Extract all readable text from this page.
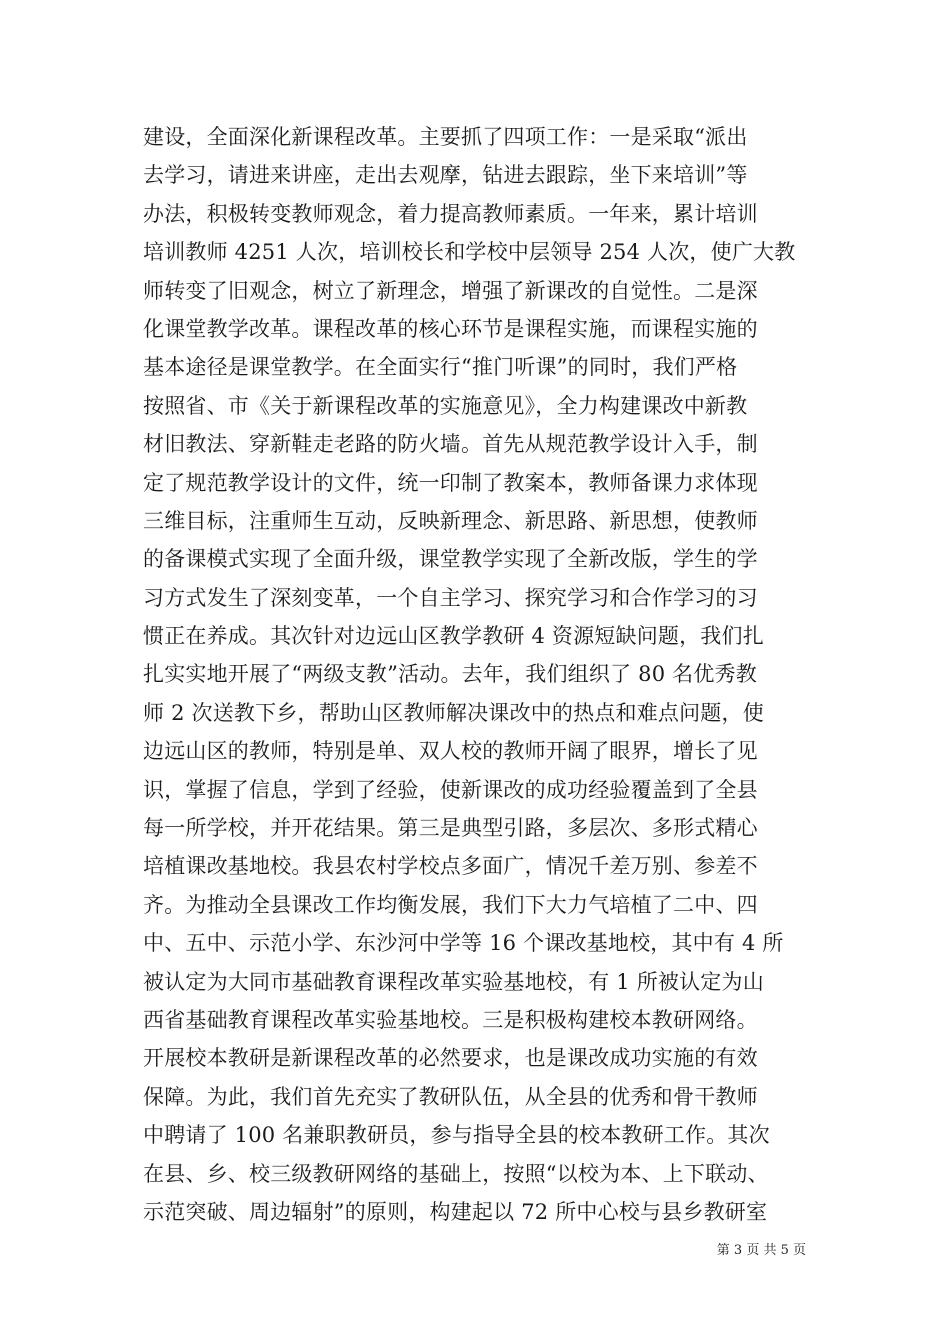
建设，全面深化新课程改革。主要抓了四项工作：一是采取“派出
去学习，请进来讲座，走出去观摩，钻进去跟踪，坐下来培训”等
办法，积极转变教师观念，着力提高教师素质。一年来，累计培训
培训教师 4251 人次，培训校长和学校中层领导 254 人次，使广大教
师转变了旧观念，树立了新理念，增强了新课改的自觉性。二是深
化课堂教学改革。课程改革的核心环节是课程实施，而课程实施的
基本途径是课堂教学。在全面实行“推门听课”的同时，我们严格
按照省、市《关于新课程改革的实施意见》，全力构建课改中新教
材旧教法、穿新鞋走老路的防火墙。首先从规范教学设计入手，制
定了规范教学设计的文件，统一印制了教案本，教师备课力求体现
三维目标，注重师生互动，反映新理念、新思路、新思想，使教师
的备课模式实现了全面升级，课堂教学实现了全新改版，学生的学
习方式发生了深刻变革，一个自主学习、探究学习和合作学习的习
惯正在养成。其次针对边远山区教学教研 4 资源短缺问题，我们扎
扎实实地开展了“两级支教”活动。去年，我们组织了 80 名优秀教
师 2 次送教下乡，帮助山区教师解决课改中的热点和难点问题，使
边远山区的教师，特别是单、双人校的教师开阔了眼界，增长了见
识，掌握了信息，学到了经验，使新课改的成功经验覆盖到了全县
每一所学校，并开花结果。第三是典型引路，多层次、多形式精心
培植课改基地校。我县农村学校点多面广，情况千差万别、参差不
齐。为推动全县课改工作均衡发展，我们下大力气培植了二中、四
中、五中、示范小学、东沙河中学等 16 个课改基地校，其中有 4 所
被认定为大同市基础教育课程改革实验基地校，有 1 所被认定为山
西省基础教育课程改革实验基地校。三是积极构建校本教研网络。
开展校本教研是新课程改革的必然要求，也是课改成功实施的有效
保障。为此，我们首先充实了教研队伍，从全县的优秀和骨干教师
中聘请了 100 名兼职教研员，参与指导全县的校本教研工作。其次
在县、乡、校三级教研网络的基础上，按照“以校为本、上下联动、
示范突破、周边辐射”的原则，构建起以 72 所中心校与县乡教研室
第 3 页 共 5 页
